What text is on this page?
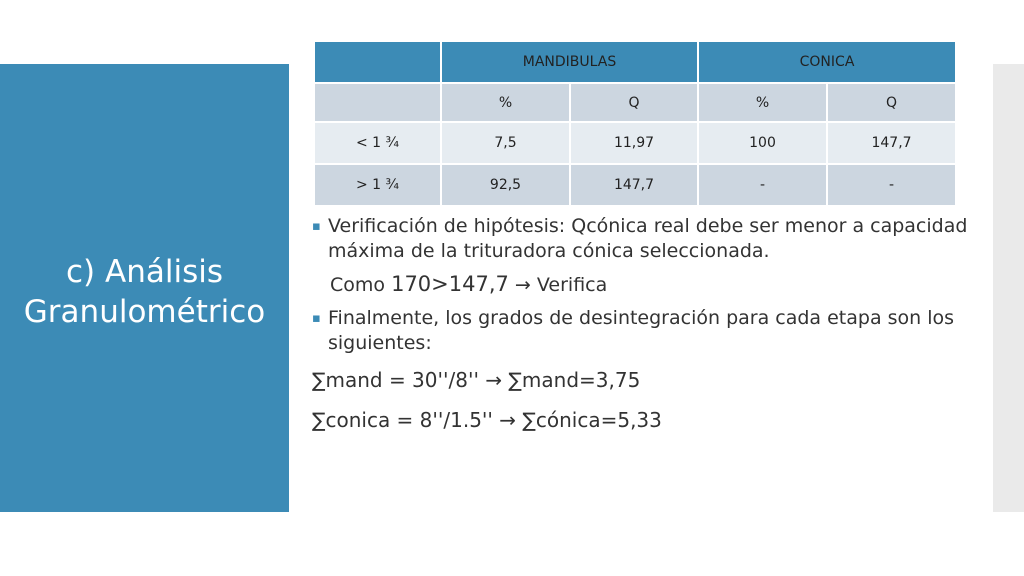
c) Análisis
Granulométrico
	MANDIBULAS		CONICA	
	%	Q	%	Q
< 1 ¾	7,5	11,97	100	147,7
> 1 ¾	92,5	147,7	-	-
▪ Verificación de hipótesis: Qcónica real debe ser menor a capacidad máxima de la trituradora cónica seleccionada.
Como 170>147,7 → Verifica
▪ Finalmente, los grados de desintegración para cada etapa son los siguientes:
∑mand = 30''/8'' → ∑mand=3,75
∑conica = 8''/1.5'' → ∑cónica=5,33
